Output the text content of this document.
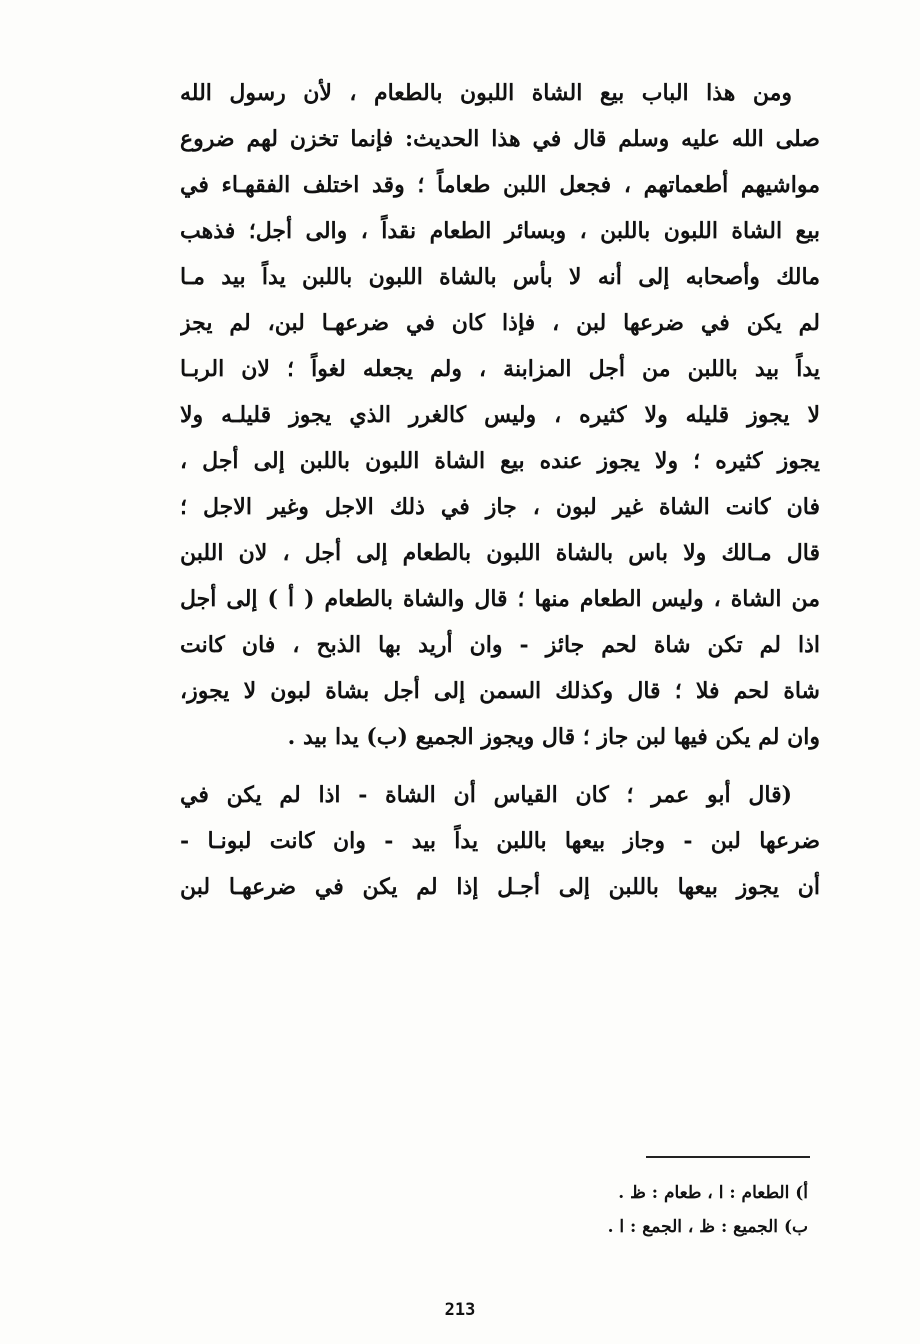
ومن هذا الباب بيع الشاة اللبون بالطعام ، لأن رسول الله
صلى الله عليه وسلم قال في هذا الحديث: فإنما تخزن لهم ضروع
مواشيهم أطعماتهم ، فجعل اللبن طعاماً ؛ وقد اختلف الفقهـاء في
بيع الشاة اللبون باللبن ، وبسائر الطعام نقداً ، والى أجل؛ فذهب
مالك وأصحابه إلى أنه لا بأس بالشاة اللبون باللبن يداً بيد مـا
لم يكن في ضرعها لبن ، فإذا كان في ضرعهـا لبن، لم يجز
يداً بيد باللبن من أجل المزابنة ، ولم يجعله لغواً ؛ لان الربـا
لا يجوز قليله ولا كثيره ، وليس كالغرر الذي يجوز قليلـه ولا
يجوز كثيره ؛ ولا يجوز عنده بيع الشاة اللبون باللبن إلى أجل ،
فان كانت الشاة غير لبون ، جاز في ذلك الاجل وغير الاجل ؛
قال مـالك ولا باس بالشاة اللبون بالطعام إلى أجل ، لان اللبن
من الشاة ، وليس الطعام منها ؛ قال والشاة بالطعام ( أ ) إلى أجل
اذا لم تكن شاة لحم جائز - وان أريد بها الذبح ، فان كانت
شاة لحم فلا ؛ قال وكذلك السمن إلى أجل بشاة لبون لا يجوز،
وان لم يكن فيها لبن جاز ؛ قال ويجوز الجميع (ب) يدا بيد .
(قال أبو عمر ؛ كان القياس أن الشاة - اذا لم يكن في
ضرعها لبن - وجاز بيعها باللبن يداً بيد - وان كانت لبونـا -
أن يجوز بيعها باللبن إلى أجـل إذا لم يكن في ضرعهـا لبن
أ) الطعام : ا ، طعام : ظ .
ب) الجميع : ظ ، الجمع : ا .
213
